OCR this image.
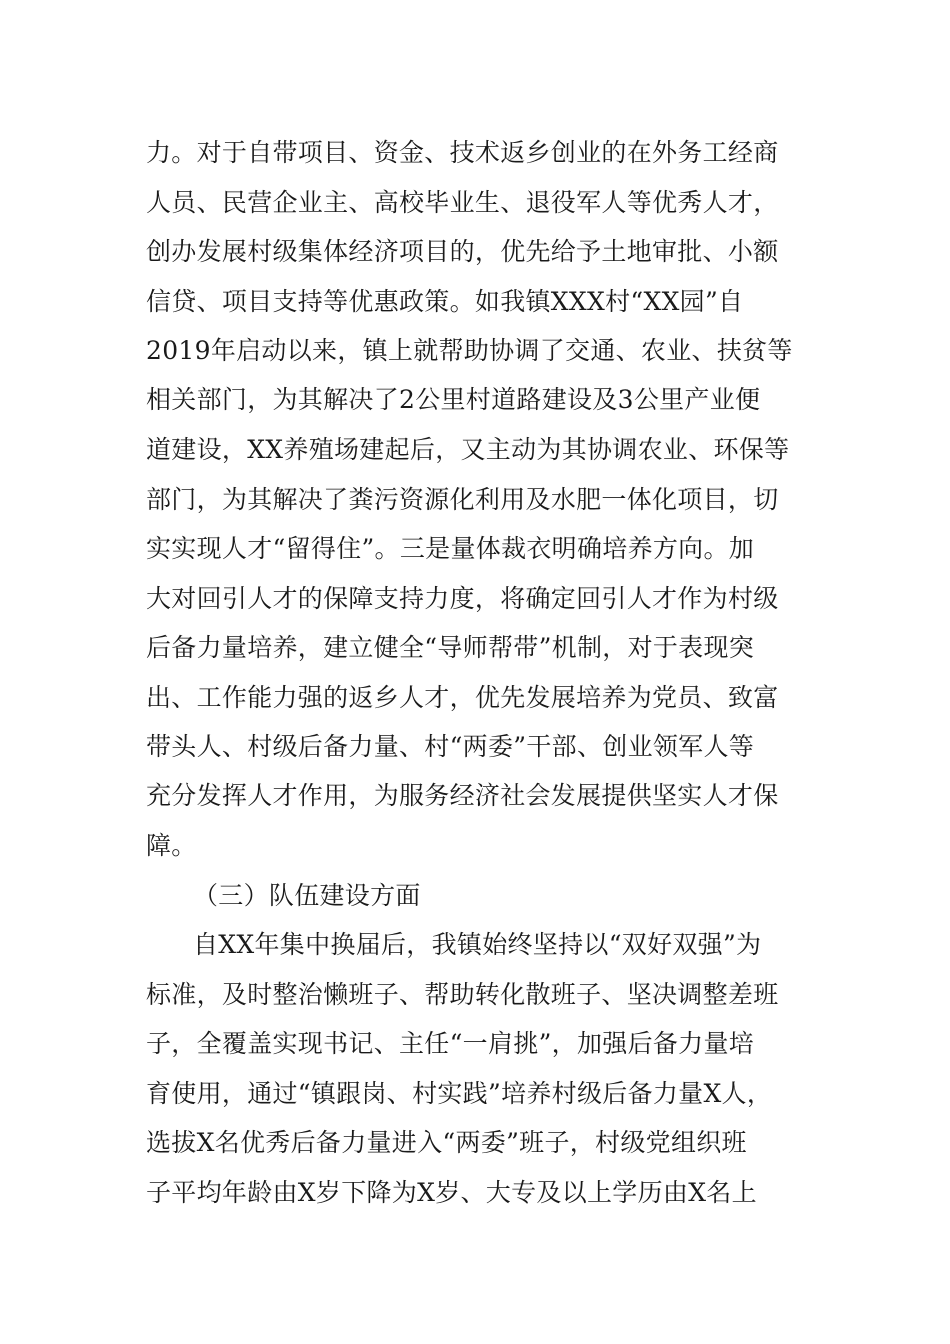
力。对于自带项目、资金、技术返乡创业的在外务工经商
人员、民营企业主、高校毕业生、退役军人等优秀人才，
创办发展村级集体经济项目的，优先给予土地审批、小额
信贷、项目支持等优惠政策。如我镇XXX村“XX园”自
2019年启动以来，镇上就帮助协调了交通、农业、扶贫等
相关部门，为其解决了2公里村道路建设及3公里产业便
道建设，XX养殖场建起后，又主动为其协调农业、环保等
部门，为其解决了粪污资源化利用及水肥一体化项目，切
实实现人才“留得住”。三是量体裁衣明确培养方向。加
大对回引人才的保障支持力度，将确定回引人才作为村级
后备力量培养，建立健全“导师帮带”机制，对于表现突
出、工作能力强的返乡人才，优先发展培养为党员、致富
带头人、村级后备力量、村“两委”干部、创业领军人等
充分发挥人才作用，为服务经济社会发展提供坚实人才保
障。
（三）队伍建设方面
自XX年集中换届后，我镇始终坚持以“双好双强”为
标准，及时整治懒班子、帮助转化散班子、坚决调整差班
子，全覆盖实现书记、主任“一肩挑”，加强后备力量培
育使用，通过“镇跟岗、村实践”培养村级后备力量X人，
选拔X名优秀后备力量进入“两委”班子，村级党组织班
子平均年龄由X岁下降为X岁、大专及以上学历由X名上
